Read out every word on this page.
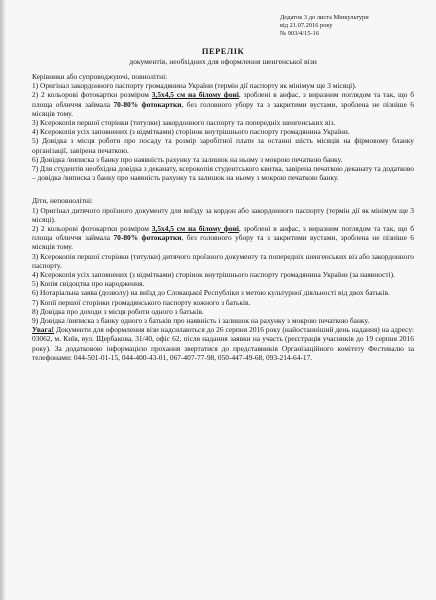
Додаток 3 до листа Мінкультури
від 21.07.2016 року
№ 903/4/15-16
ПЕРЕЛІК
документів, необхідних для оформлення шенгенської візи

Керівники або супроводжуючі, повнолітні:

1) Оригінал закордонного паспорту громадянина України (термін дії паспорту як мінімум ще 3 місяці).

2) 2 кольорові фотокартки розміром 3,5х4,5 см на білому фоні, зроблені в анфас, з виразним поглядом та так, що б площа обличчя займала 70-80% фотокартки, без головного убору та з закритими вустами, зроблена не пізніше 6 місяців тому.

3) Ксерокопія першої сторінки (титулки) закордонного паспорту та попередніх шенгенських віз.

4) Ксерокопія усіх заповнених (з відмітками) сторінок внутрішнього паспорту громадянина України.

5) Довідка з місця роботи про посаду та розмір заробітної плати за останні шість місяців на фірмовому бланку організації, завірена печаткою.

6) Довідка /виписка з банку про наявність рахунку та залишок на ньому з мокрою печаткою банку.

7) Для студентів необхідна довідка з деканату, ксерокопія студентського квитка, завірена печаткою деканату та додатково – довідка /виписка з банку про наявність рахунку та залишок на ньому з мокрою печаткою банку.

Діти, неповнолітні:

1) Оригінал дитячого проїзного документу для виїзду за кордон або закордонного паспорту (термін дії як мінімум ще 3 місяці).

2) 2 кольорові фотокартки розміром 3,5х4,5 см на білому фоні, зроблені в анфас, з виразним поглядом та так, що б площа обличчя займала 70-80% фотокартки, без головного убору та з закритими вустами, зроблена не пізніше 6 місяців тому.

3) Ксерокопія першої сторінки (титулки) дитячого проїзного документу та попередніх шенгенських віз або закордонного паспорту.

4) Ксерокопія усіх заповнених (з відмітками) сторінок внутрішнього паспорту громадянина України (за наявності).

5) Копія свідоцтва про народження.

6) Нотаріальна заява (дозволу) на виїзд до Словацької Республіки з метою культурної діяльності від двох батьків.

7) Копії першої сторінки громадянського паспорту кожного з батьків.

8) Довідка про доходи з місця роботи одного з батьків.

9) Довідка /виписка з банку одного з батьків про наявність і залишок на рахунку з мокрою печаткою банку.

Увага! Документи для оформлення візи надсилаються до 26 серпня 2016 року (найостанніший день надання) на адресу: 03062, м. Київ, вул. Щербакова, 31/40, офіс 62, після надання заявки на участь (реєстрація учасників до 19 серпня 2016 року). За додатковою інформацією прохання звертатися до представників Організаційного комітету Фестивалю за телефонами: 044-501-01-15, 044-400-43-01, 067-407-77-98, 050-447-49-68, 093-214-64-17.
